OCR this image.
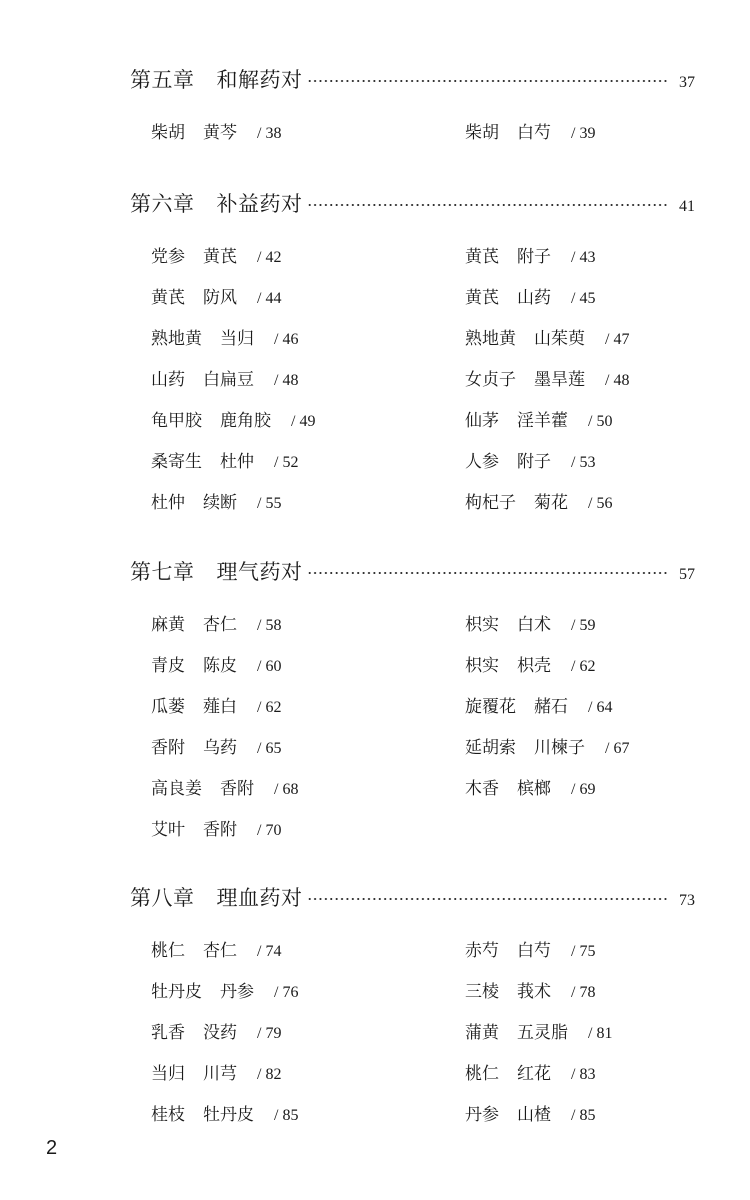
第五章 和解药对	37
柴胡 黄芩 / 38	柴胡 白芍 / 39
第六章 补益药对	41
党参 黄芪 / 42	黄芪 附子 / 43
黄芪 防风 / 44	黄芪 山药 / 45
熟地黄 当归 / 46	熟地黄 山茱萸 / 47
山药 白扁豆 / 48	女贞子 墨旱莲 / 48
龟甲胶 鹿角胶 / 49	仙茅 淫羊藿 / 50
桑寄生 杜仲 / 52	人参 附子 / 53
杜仲 续断 / 55	枸杞子 菊花 / 56
第七章 理气药对	57
麻黄 杏仁 / 58	枳实 白术 / 59
青皮 陈皮 / 60	枳实 枳壳 / 62
瓜蒌 薤白 / 62	旋覆花 赭石 / 64
香附 乌药 / 65	延胡索 川楝子 / 67
高良姜 香附 / 68	木香 槟榔 / 69
艾叶 香附 / 70
第八章 理血药对	73
桃仁 杏仁 / 74	赤芍 白芍 / 75
牡丹皮 丹参 / 76	三棱 莪术 / 78
乳香 没药 / 79	蒲黄 五灵脂 / 81
当归 川芎 / 82	桃仁 红花 / 83
桂枝 牡丹皮 / 85	丹参 山楂 / 85
2
